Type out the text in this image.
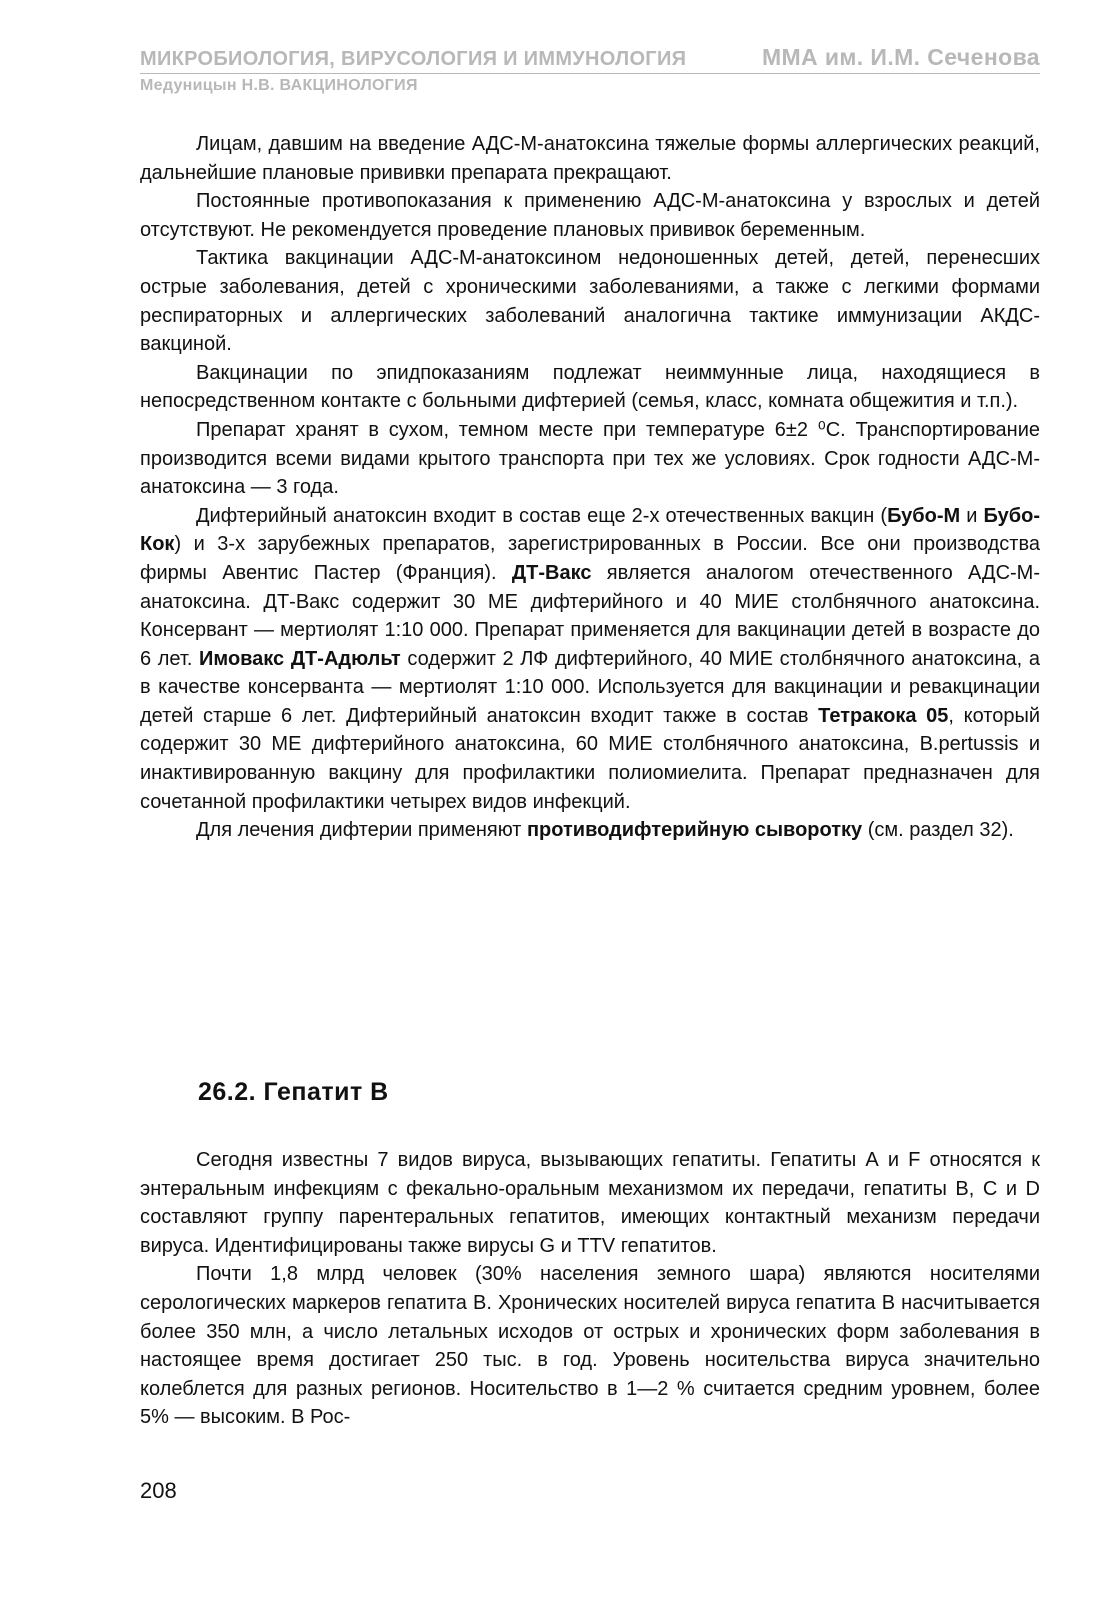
МИКРОБИОЛОГИЯ, ВИРУСОЛОГИЯ И ИММУНОЛОГИЯ	ММА им. И.М. Сеченова
Медуницын Н.В. ВАКЦИНОЛОГИЯ

Лицам, давшим на введение АДС-М-анатоксина тяжелые формы аллергических реакций, дальнейшие плановые прививки препарата прекращают.

Постоянные противопоказания к применению АДС-М-анатоксина у взрослых и детей отсутствуют. Не рекомендуется проведение плановых прививок беременным.

Тактика вакцинации АДС-М-анатоксином недоношенных детей, детей, перенесших острые заболевания, детей с хроническими заболеваниями, а также с легкими формами респираторных и аллергических заболеваний аналогична тактике иммунизации АКДС-вакциной.

Вакцинации по эпидпоказаниям подлежат неиммунные лица, находящиеся в непосредственном контакте с больными дифтерией (семья, класс, комната общежития и т.п.).

Препарат хранят в сухом, темном месте при температуре 6±2 ⁰С. Транспортирование производится всеми видами крытого транспорта при тех же условиях. Срок годности АДС-М-анатоксина — 3 года.

Дифтерийный анатоксин входит в состав еще 2-х отечественных вакцин (Бубо-М и Бубо-Кок) и 3-х зарубежных препаратов, зарегистрированных в России. Все они производства фирмы Авентис Пастер (Франция). ДТ-Вакс является аналогом отечественного АДС-М-анатоксина. ДТ-Вакс содержит 30 МЕ дифтерийного и 40 МИЕ столбнячного анатоксина. Консервант — мертиолят 1:10 000. Препарат применяется для вакцинации детей в возрасте до 6 лет. Имовакс ДТ-Адюльт содержит 2 ЛФ дифтерийного, 40 МИЕ столбнячного анатоксина, а в качестве консерванта — мертиолят 1:10 000. Используется для вакцинации и ревакцинации детей старше 6 лет. Дифтерийный анатоксин входит также в состав Тетракока 05, который содержит 30 МЕ дифтерийного анатоксина, 60 МИЕ столбнячного анатоксина, B.pertussis и инактивированную вакцину для профилактики полиомиелита. Препарат предназначен для сочетанной профилактики четырех видов инфекций.

Для лечения дифтерии применяют противодифтерийную сыворотку (см. раздел 32).

26.2. Гепатит В

Сегодня известны 7 видов вируса, вызывающих гепатиты. Гепатиты А и F относятся к энтеральным инфекциям с фекально-оральным механизмом их передачи, гепатиты В, С и D составляют группу парентеральных гепатитов, имеющих контактный механизм передачи вируса. Идентифицированы также вирусы G и TTV гепатитов.

Почти 1,8 млрд человек (30% населения земного шара) являются носителями серологических маркеров гепатита В. Хронических носителей вируса гепатита В насчитывается более 350 млн, а число летальных исходов от острых и хронических форм заболевания в настоящее время достигает 250 тыс. в год. Уровень носительства вируса значительно колеблется для разных регионов. Носительство в 1—2 % считается средним уровнем, более 5% — высоким. В Рос-

208
